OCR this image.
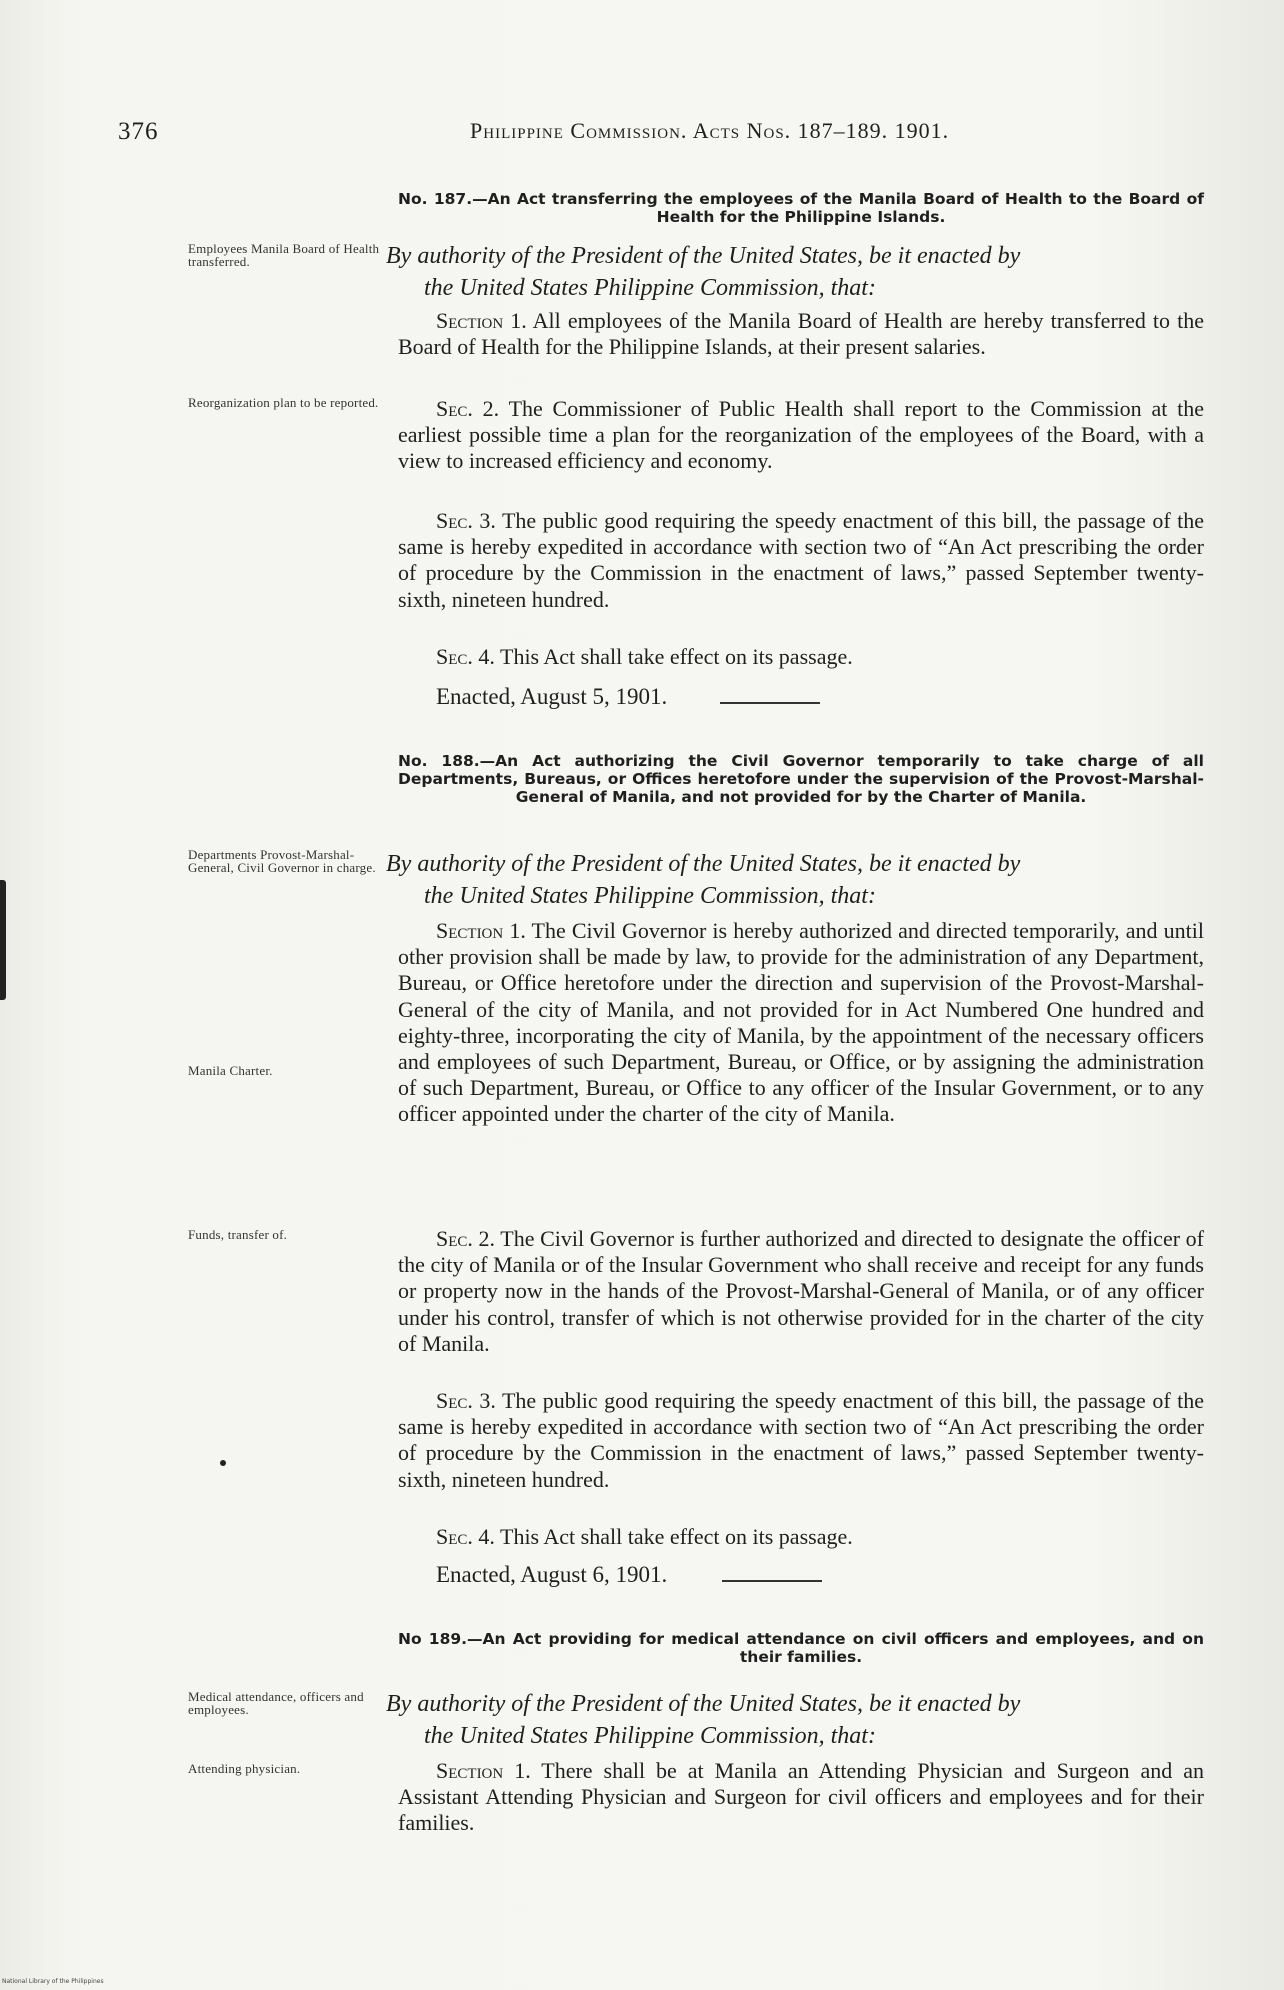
376	Philippine Commission. Acts Nos. 187–189. 1901.
No. 187.—An Act transferring the employees of the Manila Board of Health to the Board of Health for the Philippine Islands.
Employees Manila Board of Health transferred.
Reorganization plan to be reported.
By authority of the President of the United States, be it enacted by
the United States Philippine Commission, that:

Section 1. All employees of the Manila Board of Health are hereby transferred to the Board of Health for the Philippine Islands, at their present salaries.

Sec. 2. The Commissioner of Public Health shall report to the Commission at the earliest possible time a plan for the reorganization of the employees of the Board, with a view to increased efficiency and economy.

Sec. 3. The public good requiring the speedy enactment of this bill, the passage of the same is hereby expedited in accordance with section two of “An Act prescribing the order of procedure by the Commission in the enactment of laws,” passed September twenty-sixth, nineteen hundred.

Sec. 4. This Act shall take effect on its passage.

Enacted, August 5, 1901.
No. 188.—An Act authorizing the Civil Governor temporarily to take charge of all Departments, Bureaus, or Offices heretofore under the supervision of the Provost-Marshal-General of Manila, and not provided for by the Charter of Manila.
Departments Provost-Marshal-General, Civil Governor in charge.
Manila Charter.
Funds, transfer of.
By authority of the President of the United States, be it enacted by
the United States Philippine Commission, that:

Section 1. The Civil Governor is hereby authorized and directed temporarily, and until other provision shall be made by law, to provide for the administration of any Department, Bureau, or Office heretofore under the direction and supervision of the Provost-Marshal-General of the city of Manila, and not provided for in Act Numbered One hundred and eighty-three, incorporating the city of Manila, by the appointment of the necessary officers and employees of such Department, Bureau, or Office, or by assigning the administration of such Department, Bureau, or Office to any officer of the Insular Government, or to any officer appointed under the charter of the city of Manila.

Sec. 2. The Civil Governor is further authorized and directed to designate the officer of the city of Manila or of the Insular Government who shall receive and receipt for any funds or property now in the hands of the Provost-Marshal-General of Manila, or of any officer under his control, transfer of which is not otherwise provided for in the charter of the city of Manila.

Sec. 3. The public good requiring the speedy enactment of this bill, the passage of the same is hereby expedited in accordance with section two of “An Act prescribing the order of procedure by the Commission in the enactment of laws,” passed September twenty-sixth, nineteen hundred.

Sec. 4. This Act shall take effect on its passage.

Enacted, August 6, 1901.
No 189.—An Act providing for medical attendance on civil officers and employees, and on their families.
Medical attendance, officers and employees.
Attending physician.
By authority of the President of the United States, be it enacted by
the United States Philippine Commission, that:

Section 1. There shall be at Manila an Attending Physician and Surgeon and an Assistant Attending Physician and Surgeon for civil officers and employees and for their families.

National Library of the Philippines
